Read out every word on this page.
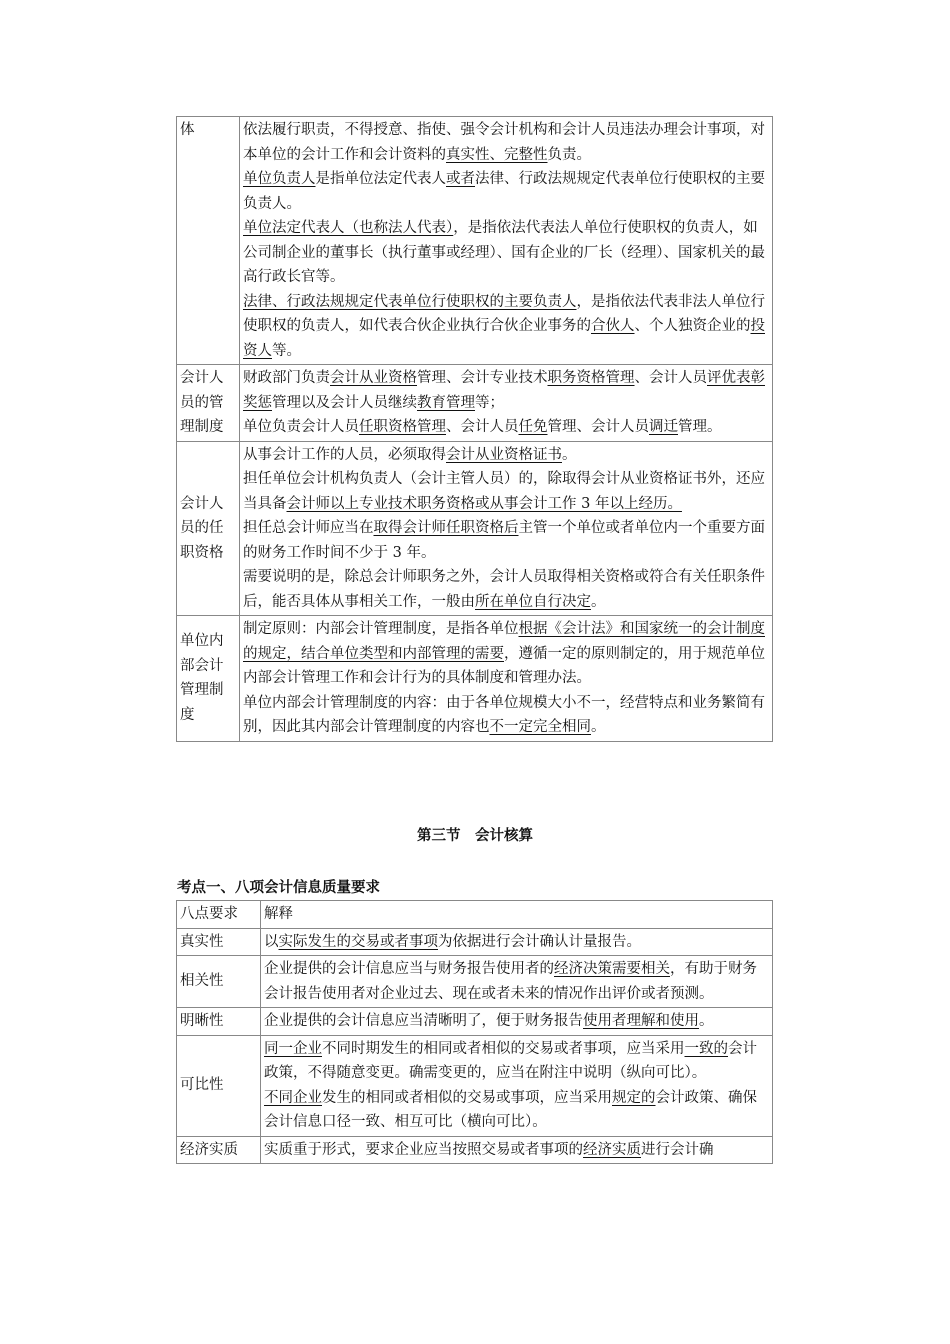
体	依法履行职责，不得授意、指使、强令会计机构和会计人员违法办理会计事项，对本单位的会计工作和会计资料的真实性、完整性负责。
单位负责人是指单位法定代表人或者法律、行政法规规定代表单位行使职权的主要负责人。
单位法定代表人（也称法人代表），是指依法代表法人单位行使职权的负责人，如公司制企业的董事长（执行董事或经理）、国有企业的厂长（经理）、国家机关的最高行政长官等。
法律、行政法规规定代表单位行使职权的主要负责人，是指依法代表非法人单位行使职权的负责人，如代表合伙企业执行合伙企业事务的合伙人、个人独资企业的投资人等。

会计人员的管理制度	财政部门负责会计从业资格管理、会计专业技术职务资格管理、会计人员评优表彰奖惩管理以及会计人员继续教育管理等；
单位负责会计人员任职资格管理、会计人员任免管理、会计人员调迁管理。

会计人员的任职资格	从事会计工作的人员，必须取得会计从业资格证书。
担任单位会计机构负责人（会计主管人员）的，除取得会计从业资格证书外，还应当具备会计师以上专业技术职务资格或从事会计工作 3 年以上经历。
担任总会计师应当在取得会计师任职资格后主管一个单位或者单位内一个重要方面的财务工作时间不少于 3 年。
需要说明的是，除总会计师职务之外，会计人员取得相关资格或符合有关任职条件后，能否具体从事相关工作，一般由所在单位自行决定。

单位内部会计管理制度	制定原则：内部会计管理制度，是指各单位根据《会计法》和国家统一的会计制度的规定，结合单位类型和内部管理的需要，遵循一定的原则制定的，用于规范单位内部会计管理工作和会计行为的具体制度和管理办法。
单位内部会计管理制度的内容：由于各单位规模大小不一，经营特点和业务繁简有别，因此其内部会计管理制度的内容也不一定完全相同。
第三节　会计核算
考点一、八项会计信息质量要求
八点要求	解释
真实性	以实际发生的交易或者事项为依据进行会计确认计量报告。

相关性	企业提供的会计信息应当与财务报告使用者的经济决策需要相关，有助于财务会计报告使用者对企业过去、现在或者未来的情况作出评价或者预测。

明晰性	企业提供的会计信息应当清晰明了，便于财务报告使用者理解和使用。

可比性	同一企业不同时期发生的相同或者相似的交易或者事项，应当采用一致的会计政策，不得随意变更。确需变更的，应当在附注中说明（纵向可比）。
不同企业发生的相同或者相似的交易或事项，应当采用规定的会计政策、确保会计信息口径一致、相互可比（横向可比）。

经济实质	实质重于形式，要求企业应当按照交易或者事项的经济实质进行会计确
